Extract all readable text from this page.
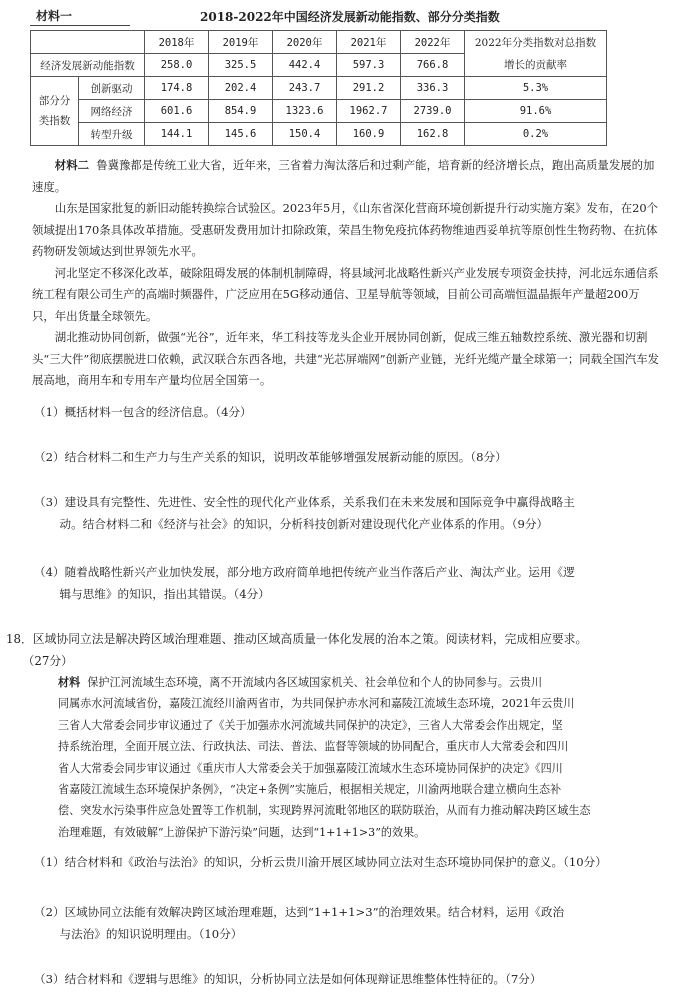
材料一	2018-2022年中国经济发展新动能指数、部分分类指数
		2018年	2019年	2020年	2021年	2022年	2022年分类指数对总指数增长的贡献率
经济发展新动能指数		258.0	325.5	442.4	597.3	766.8	
部分分类指数	创新驱动	174.8	202.4	243.7	291.2	336.3	5.3%
	网络经济	601.6	854.9	1323.6	1962.7	2739.0	91.6%
	转型升级	144.1	145.6	150.4	160.9	162.8	0.2%

材料二 鲁冀豫都是传统工业大省，近年来，三省着力淘汰落后和过剩产能，培育新的经济增长点，跑出高质量发展的加速度。

山东是国家批复的新旧动能转换综合试验区。2023年5月，《山东省深化营商环境创新提升行动实施方案》发布，在20个领域提出170条具体改革措施。受惠研发费用加计扣除政策，荣昌生物免疫抗体药物维迪西妥单抗等原创性生物药物、在抗体药物研发领域达到世界领先水平。

河北坚定不移深化改革，破除阻碍发展的体制机制障碍，将县域河北战略性新兴产业发展专项资金扶持，河北远东通信系统工程有限公司生产的高端时频器件，广泛应用在5G移动通信、卫星导航等领域，目前公司高端恒温晶振年产量超200万只，年出货量全球领先。

湖北推动协同创新，做强“光谷”，近年来，华工科技等龙头企业开展协同创新，促成三维五轴数控系统、激光器和切割头“三大件”彻底摆脱进口依赖，武汉联合东西各地，共建“光芯屏端网”创新产业链，光纤光缆产量全球第一；同载全国汽车发展高地，商用车和专用车产量均位居全国第一。

（1）概括材料一包含的经济信息。（4分）

（2）结合材料二和生产力与生产关系的知识，说明改革能够增强发展新动能的原因。（8分）

（3）建设具有完整性、先进性、安全性的现代化产业体系，关系我们在未来发展和国际竞争中赢得战略主

动。结合材料二和《经济与社会》的知识，分析科技创新对建设现代化产业体系的作用。（9分）

（4）随着战略性新兴产业加快发展，部分地方政府简单地把传统产业当作落后产业、淘汰产业。运用《逻

辑与思维》的知识，指出其错误。（4分）

18．区域协同立法是解决跨区域治理难题、推动区域高质量一体化发展的治本之策。阅读材料，完成相应要求。

（27分）

材料 保护江河流域生态环境，离不开流域内各区域国家机关、社会单位和个人的协同参与。云贵川

同属赤水河流域省份，嘉陵江流经川渝两省市，为共同保护赤水河和嘉陵江流域生态环境，2021年云贵川

三省人大常委会同步审议通过了《关于加强赤水河流域共同保护的决定》，三省人大常委会作出规定，坚

持系统治理，全面开展立法、行政执法、司法、普法、监督等领域的协同配合，重庆市人大常委会和四川

省人大常委会同步审议通过《重庆市人大常委会关于加强嘉陵江流域水生态环境协同保护的决定》《四川

省嘉陵江流域生态环境保护条例》，“决定+条例”实施后，根据相关规定，川渝两地联合建立横向生态补

偿、突发水污染事件应急处置等工作机制，实现跨界河流毗邻地区的联防联治，从而有力推动解决跨区域生态

治理难题，有效破解“上游保护下游污染”问题，达到“1+1+1>3”的效果。

（1）结合材料和《政治与法治》的知识，分析云贵川渝开展区域协同立法对生态环境协同保护的意义。（10分）

（2）区域协同立法能有效解决跨区域治理难题，达到“1+1+1>3”的治理效果。结合材料，运用《政治

与法治》的知识说明理由。（10分）

（3）结合材料和《逻辑与思维》的知识，分析协同立法是如何体现辩证思维整体性特征的。（7分）
